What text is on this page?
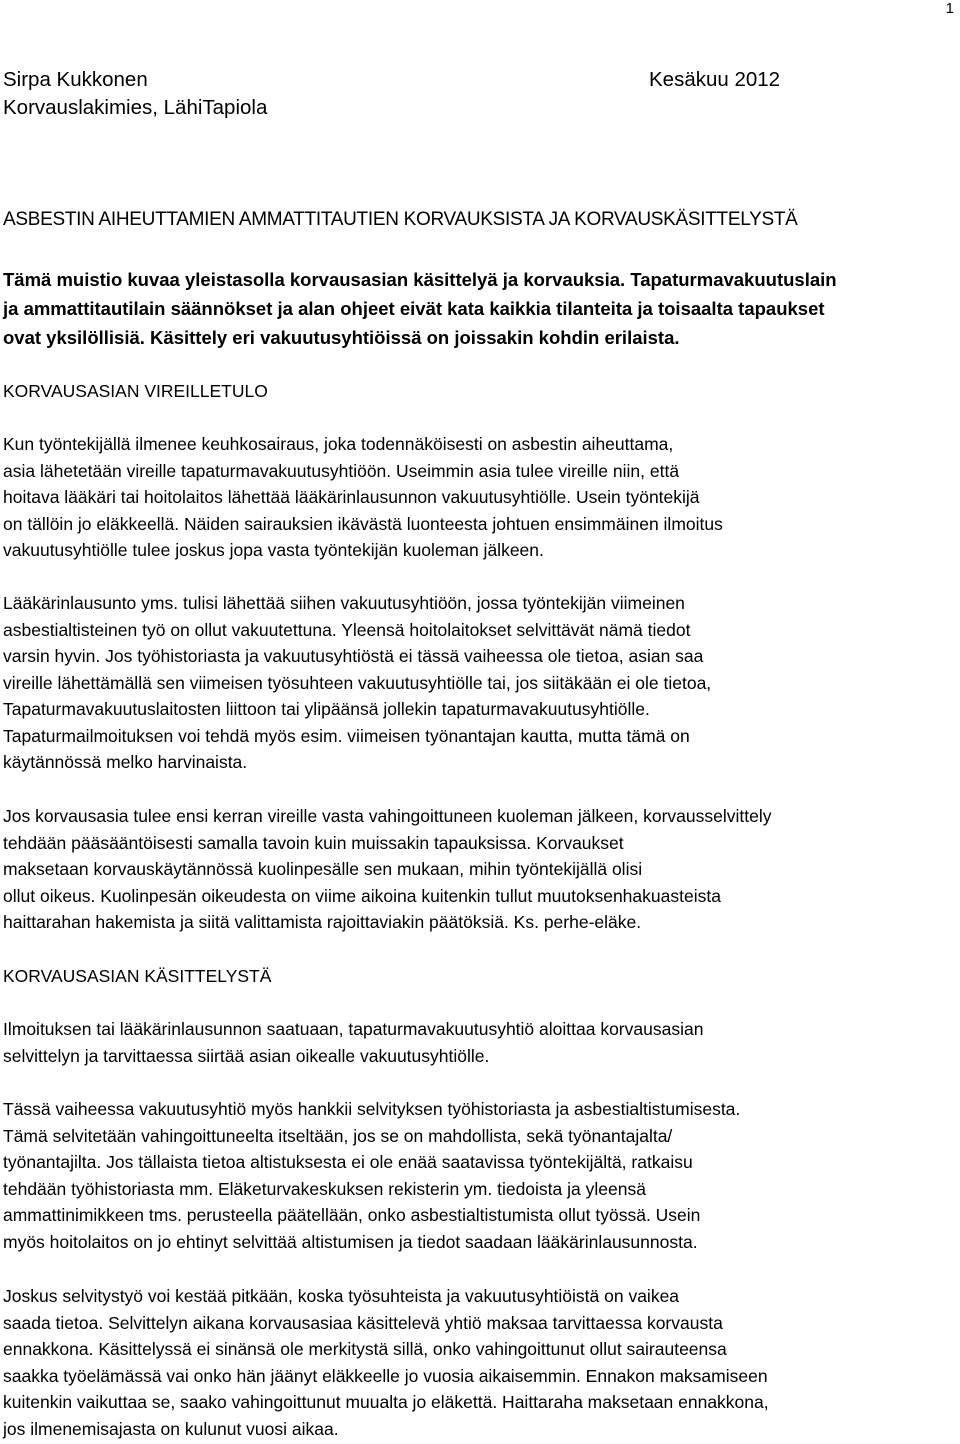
1
Sirpa Kukkonen
Korvauslakimies, LähiTapiola
Kesäkuu 2012
ASBESTIN AIHEUTTAMIEN AMMATTITAUTIEN KORVAUKSISTA JA KORVAUSKÄSITTELYSTÄ
Tämä muistio kuvaa yleistasolla korvausasian käsittelyä ja korvauksia. Tapaturmavakuutuslain
ja ammattitautilain säännökset ja alan ohjeet eivät kata kaikkia tilanteita ja toisaalta tapaukset
ovat yksilöllisiä. Käsittely eri vakuutusyhtiöissä on joissakin kohdin erilaista.
KORVAUSASIAN VIREILLETULO
Kun työntekijällä ilmenee keuhkosairaus, joka todennäköisesti on asbestin aiheuttama,
asia lähetetään vireille tapaturmavakuutusyhtiöön. Useimmin asia tulee vireille niin, että
hoitava lääkäri tai hoitolaitos lähettää lääkärinlausunnon vakuutusyhtiölle. Usein työntekijä
on tällöin jo eläkkeellä. Näiden sairauksien ikävästä luonteesta johtuen ensimmäinen ilmoitus
vakuutusyhtiölle tulee joskus jopa vasta työntekijän kuoleman jälkeen.
Lääkärinlausunto yms. tulisi lähettää siihen vakuutusyhtiöön, jossa työntekijän viimeinen
asbestialtisteinen työ on ollut vakuutettuna. Yleensä hoitolaitokset selvittävät nämä tiedot
varsin hyvin. Jos työhistoriasta ja vakuutusyhtiöstä ei tässä vaiheessa ole tietoa, asian saa
vireille lähettämällä sen viimeisen työsuhteen vakuutusyhtiölle tai, jos siitäkään ei ole tietoa,
Tapaturmavakuutuslaitosten liittoon tai ylipäänsä jollekin tapaturmavakuutusyhtiölle.
Tapaturmailmoituksen voi tehdä myös esim. viimeisen työnantajan kautta, mutta tämä on
käytännössä melko harvinaista.
Jos korvausasia tulee ensi kerran vireille vasta vahingoittuneen kuoleman jälkeen, korvausselvittely
tehdään pääsääntöisesti samalla tavoin kuin muissakin tapauksissa. Korvaukset
maksetaan korvauskäytännössä kuolinpesälle sen mukaan, mihin työntekijällä olisi
ollut oikeus. Kuolinpesän oikeudesta on viime aikoina kuitenkin tullut muutoksenhakuasteista
haittarahan hakemista ja siitä valittamista rajoittaviakin päätöksiä. Ks. perhe-eläke.
KORVAUSASIAN KÄSITTELYSTÄ
Ilmoituksen tai lääkärinlausunnon saatuaan, tapaturmavakuutusyhtiö aloittaa korvausasian
selvittelyn ja tarvittaessa siirtää asian oikealle vakuutusyhtiölle.
Tässä vaiheessa vakuutusyhtiö myös hankkii selvityksen työhistoriasta ja asbestialtistumisesta.
Tämä selvitetään vahingoittuneelta itseltään, jos se on mahdollista, sekä työnantajalta/
työnantajilta. Jos tällaista tietoa altistuksesta ei ole enää saatavissa työntekijältä, ratkaisu
tehdään työhistoriasta mm. Eläketurvakeskuksen rekisterin ym. tiedoista ja yleensä
ammattinimikkeen tms. perusteella päätellään, onko asbestialtistumista ollut työssä. Usein
myös hoitolaitos on jo ehtinyt selvittää altistumisen ja tiedot saadaan lääkärinlausunnosta.
Joskus selvitystyö voi kestää pitkään, koska työsuhteista ja vakuutusyhtiöistä on vaikea
saada tietoa. Selvittelyn aikana korvausasiaa käsittelevä yhtiö maksaa tarvittaessa korvausta
ennakkona. Käsittelyssä ei sinänsä ole merkitystä sillä, onko vahingoittunut ollut sairauteensa
saakka työelämässä vai onko hän jäänyt eläkkeelle jo vuosia aikaisemmin. Ennakon maksamiseen
kuitenkin vaikuttaa se, saako vahingoittunut muualta jo eläkettä. Haittaraha maksetaan ennakkona,
jos ilmenemisajasta on kulunut vuosi aikaa.
